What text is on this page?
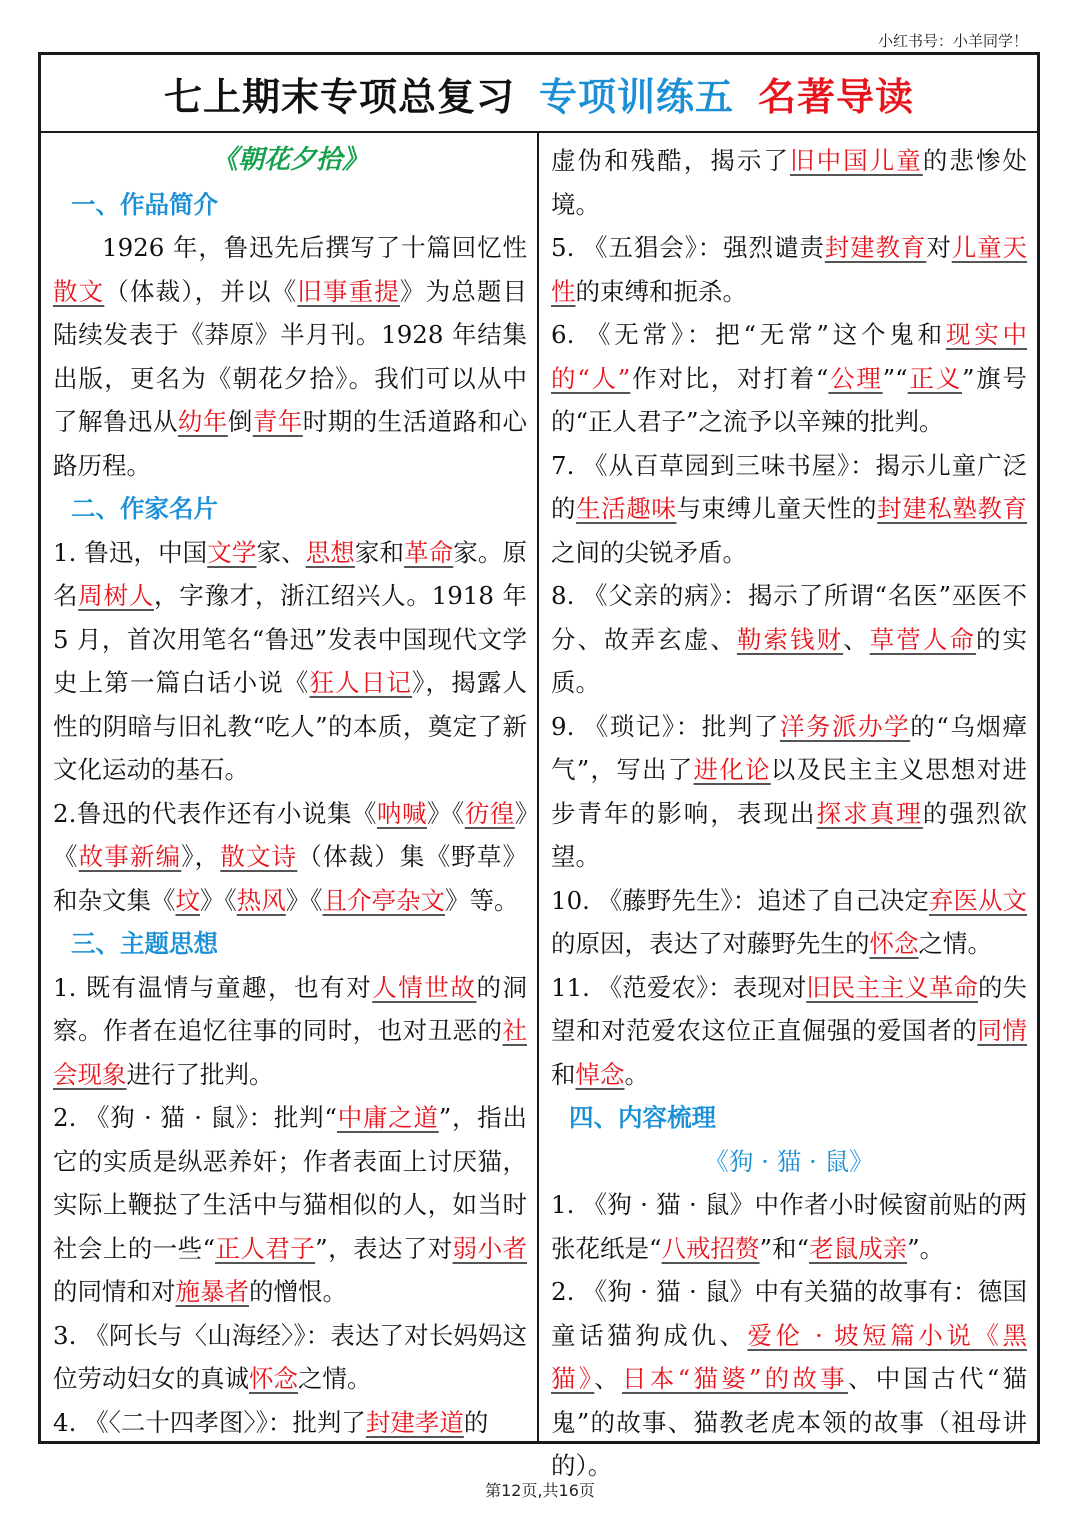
小红书号：小羊同学！
七上期末专项总复习 专项训练五 名著导读

《朝花夕拾》

一、作品简介

1926 年，鲁迅先后撰写了十篇回忆性散文（体裁），并以《旧事重提》为总题目陆续发表于《莽原》半月刊。1928 年结集出版，更名为《朝花夕拾》。我们可以从中了解鲁迅从幼年倒青年时期的生活道路和心路历程。

二、作家名片

1. 鲁迅，中国文学家、思想家和革命家。原名周树人，字豫才，浙江绍兴人。1918 年 5 月，首次用笔名“鲁迅”发表中国现代文学史上第一篇白话小说《狂人日记》，揭露人性的阴暗与旧礼教“吃人”的本质，奠定了新文化运动的基石。

2.鲁迅的代表作还有小说集《呐喊》《彷徨》《故事新编》，散文诗（体裁）集《野草》和杂文集《坟》《热风》《且介亭杂文》等。

三、主题思想

1. 既有温情与童趣，也有对人情世故的洞察。作者在追忆往事的同时，也对丑恶的社会现象进行了批判。

2. 《狗 · 猫 · 鼠》：批判“中庸之道”，指出它的实质是纵恶养奸；作者表面上讨厌猫，实际上鞭挞了生活中与猫相似的人，如当时社会上的一些“正人君子”，表达了对弱小者的同情和对施暴者的憎恨。

3. 《阿长与〈山海经〉》：表达了对长妈妈这位劳动妇女的真诚怀念之情。

4. 《〈二十四孝图〉》：批判了封建孝道的

虚伪和残酷，揭示了旧中国儿童的悲惨处境。

5. 《五猖会》：强烈谴责封建教育对儿童天性的束缚和扼杀。

6. 《无常》：把“无常”这个鬼和现实中的“人”作对比，对打着“公理”“正义”旗号的“正人君子”之流予以辛辣的批判。

7. 《从百草园到三味书屋》：揭示儿童广泛的生活趣味与束缚儿童天性的封建私塾教育之间的尖锐矛盾。

8. 《父亲的病》：揭示了所谓“名医”巫医不分、故弄玄虚、勒索钱财、草菅人命的实质。

9. 《琐记》：批判了洋务派办学的“乌烟瘴气”，写出了进化论以及民主主义思想对进步青年的影响，表现出探求真理的强烈欲望。

10. 《藤野先生》：追述了自己决定弃医从文的原因，表达了对藤野先生的怀念之情。

11. 《范爱农》：表现对旧民主主义革命的失望和对范爱农这位正直倔强的爱国者的同情和悼念。

四、内容梳理

《狗 · 猫 · 鼠》

1. 《狗 · 猫 · 鼠》中作者小时候窗前贴的两张花纸是“八戒招赘”和“老鼠成亲”。

2. 《狗 · 猫 · 鼠》中有关猫的故事有：德国童话猫狗成仇、爱伦 · 坡短篇小说《黑猫》、日本“猫婆”的故事、中国古代“猫鬼”的故事、猫教老虎本领的故事（祖母讲的）。

第12页,共16页
